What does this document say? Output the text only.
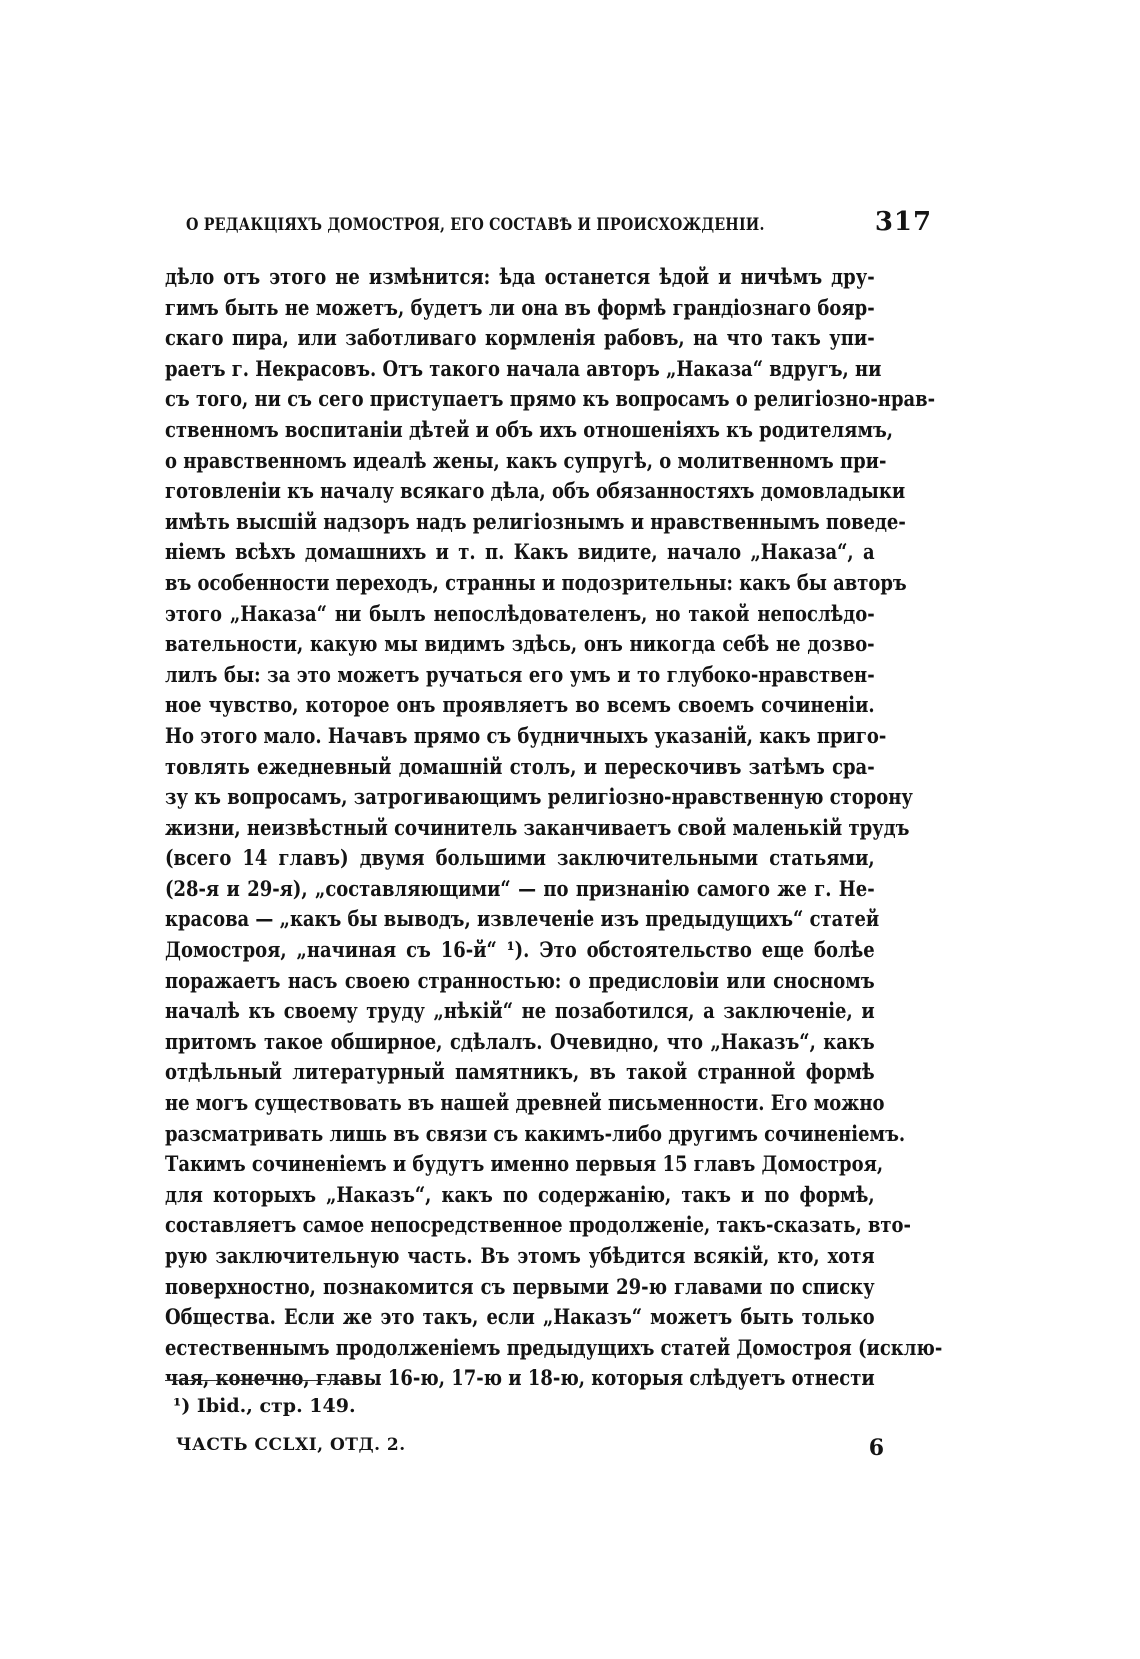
О РЕДАКЦІЯХЪ ДОМОСТРОЯ, ЕГО СОСТАВѢ И ПРОИСХОЖДЕНІИ.	317
дѣло отъ этого не измѣнится: ѣда останется ѣдой и ничѣмъ дру-
гимъ быть не можетъ, будетъ ли она въ формѣ грандіознаго бояр-
скаго пира, или заботливаго кормленія рабовъ, на что такъ упи-
раетъ г. Некрасовъ. Отъ такого начала авторъ „Наказа“ вдругъ, ни
съ того, ни съ сего приступаетъ прямо къ вопросамъ о религіозно-нрав-
ственномъ воспитаніи дѣтей и объ ихъ отношеніяхъ къ родителямъ,
о нравственномъ идеалѣ жены, какъ супругѣ, о молитвенномъ при-
готовленіи къ началу всякаго дѣла, объ обязанностяхъ домовладыки
имѣть высшій надзоръ надъ религіознымъ и нравственнымъ поведе-
ніемъ всѣхъ домашнихъ и т. п. Какъ видите, начало „Наказа“, а
въ особенности переходъ, странны и подозрительны: какъ бы авторъ
этого „Наказа“ ни былъ непослѣдователенъ, но такой непослѣдо-
вательности, какую мы видимъ здѣсь, онъ никогда себѣ не дозво-
лилъ бы: за это можетъ ручаться его умъ и то глубоко-нравствен-
ное чувство, которое онъ проявляетъ во всемъ своемъ сочиненіи.
Но этого мало. Начавъ прямо съ будничныхъ указаній, какъ приго-
товлять ежедневный домашній столъ, и перескочивъ затѣмъ сра-
зу къ вопросамъ, затрогивающимъ религіозно-нравственную сторону
жизни, неизвѣстный сочинитель заканчиваетъ свой маленькій трудъ
(всего 14 главъ) двумя большими заключительными статьями,
(28-я и 29-я), „составляющими“ — по признанію самого же г. Не-
красова — „какъ бы выводъ, извлеченіе изъ предыдущихъ“ статей
Домостроя, „начиная съ 16-й“ ¹). Это обстоятельство еще болѣе
поражаетъ насъ своею странностью: о предисловіи или сносномъ
началѣ къ своему труду „нѣкій“ не позаботился, а заключеніе, и
притомъ такое обширное, сдѣлалъ. Очевидно, что „Наказъ“, какъ
отдѣльный литературный памятникъ, въ такой странной формѣ
не могъ существовать въ нашей древней письменности. Его можно
разсматривать лишь въ связи съ какимъ-либо другимъ сочиненіемъ.
Такимъ сочиненіемъ и будутъ именно первыя 15 главъ Домостроя,
для которыхъ „Наказъ“, какъ по содержанію, такъ и по формѣ,
составляетъ самое непосредственное продолженіе, такъ-сказать, вто-
рую заключительную часть. Въ этомъ убѣдится всякій, кто, хотя
поверхностно, познакомится съ первыми 29-ю главами по списку
Общества. Если же это такъ, если „Наказъ“ можетъ быть только
естественнымъ продолженіемъ предыдущихъ статей Домостроя (исклю-
чая, конечно, главы 16-ю, 17-ю и 18-ю, которыя слѣдуетъ отнести
¹) Ibid., стр. 149.
ЧАСТЬ CCLXI, ОТД. 2.	6
